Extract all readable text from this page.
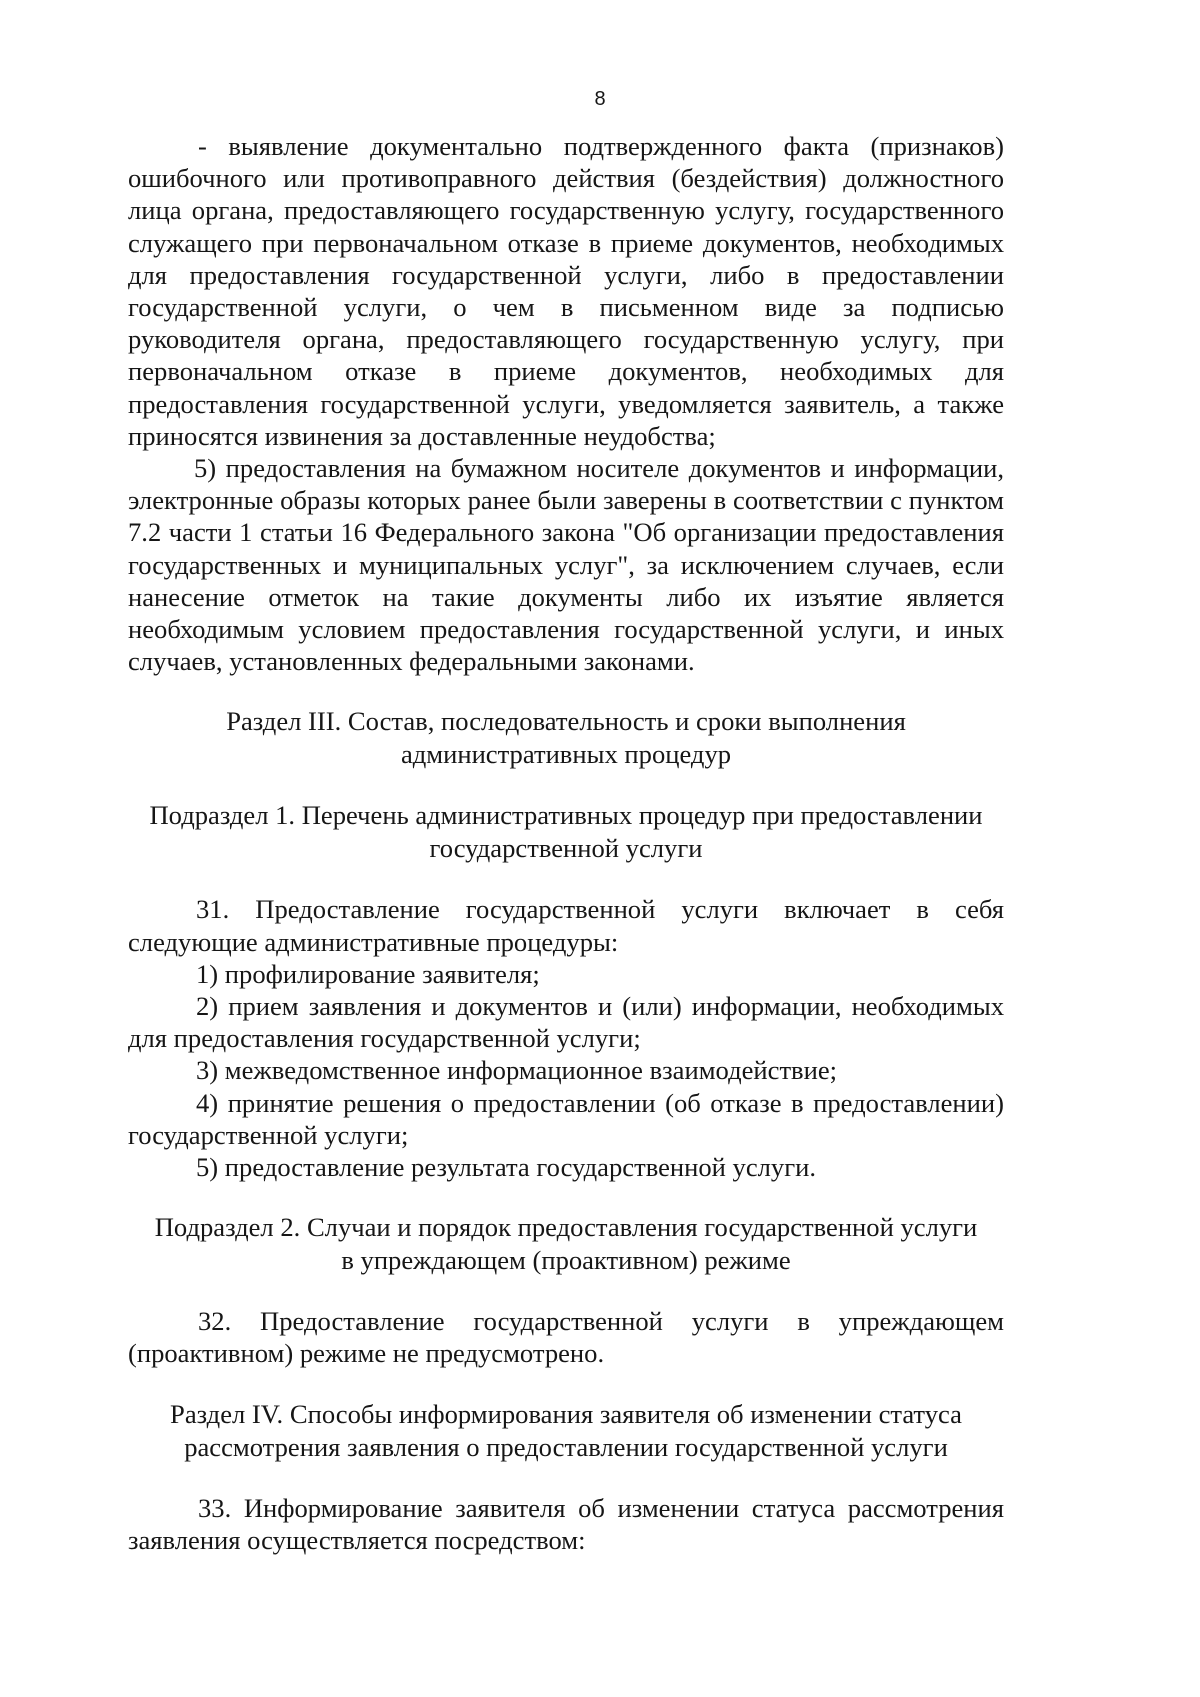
8

- выявление документально подтвержденного факта (признаков) ошибочного или противоправного действия (бездействия) должностного лица органа, предоставляющего государственную услугу, государственного служащего при первоначальном отказе в приеме документов, необходимых для предоставления государственной услуги, либо в предоставлении государственной услуги, о чем в письменном виде за подписью руководителя органа, предоставляющего государственную услугу, при первоначальном отказе в приеме документов, необходимых для предоставления государственной услуги, уведомляется заявитель, а также приносятся извинения за доставленные неудобства;

5) предоставления на бумажном носителе документов и информации, электронные образы которых ранее были заверены в соответствии с пунктом 7.2 части 1 статьи 16 Федерального закона "Об организации предоставления государственных и муниципальных услуг", за исключением случаев, если нанесение отметок на такие документы либо их изъятие является необходимым условием предоставления государственной услуги, и иных случаев, установленных федеральными законами.

Раздел III. Состав, последовательность и сроки выполнения
административных процедур
Подраздел 1. Перечень административных процедур при предоставлении
государственной услуги

31. Предоставление государственной услуги включает в себя следующие административные процедуры:

1) профилирование заявителя;

2) прием заявления и документов и (или) информации, необходимых для предоставления государственной услуги;

3) межведомственное информационное взаимодействие;

4) принятие решения о предоставлении (об отказе в предоставлении) государственной услуги;

5) предоставление результата государственной услуги.

Подраздел 2. Случаи и порядок предоставления государственной услуги
в упреждающем (проактивном) режиме

32. Предоставление государственной услуги в упреждающем (проактивном) режиме не предусмотрено.

Раздел IV. Способы информирования заявителя об изменении статуса
рассмотрения заявления о предоставлении государственной услуги

33. Информирование заявителя об изменении статуса рассмотрения заявления осуществляется посредством:
